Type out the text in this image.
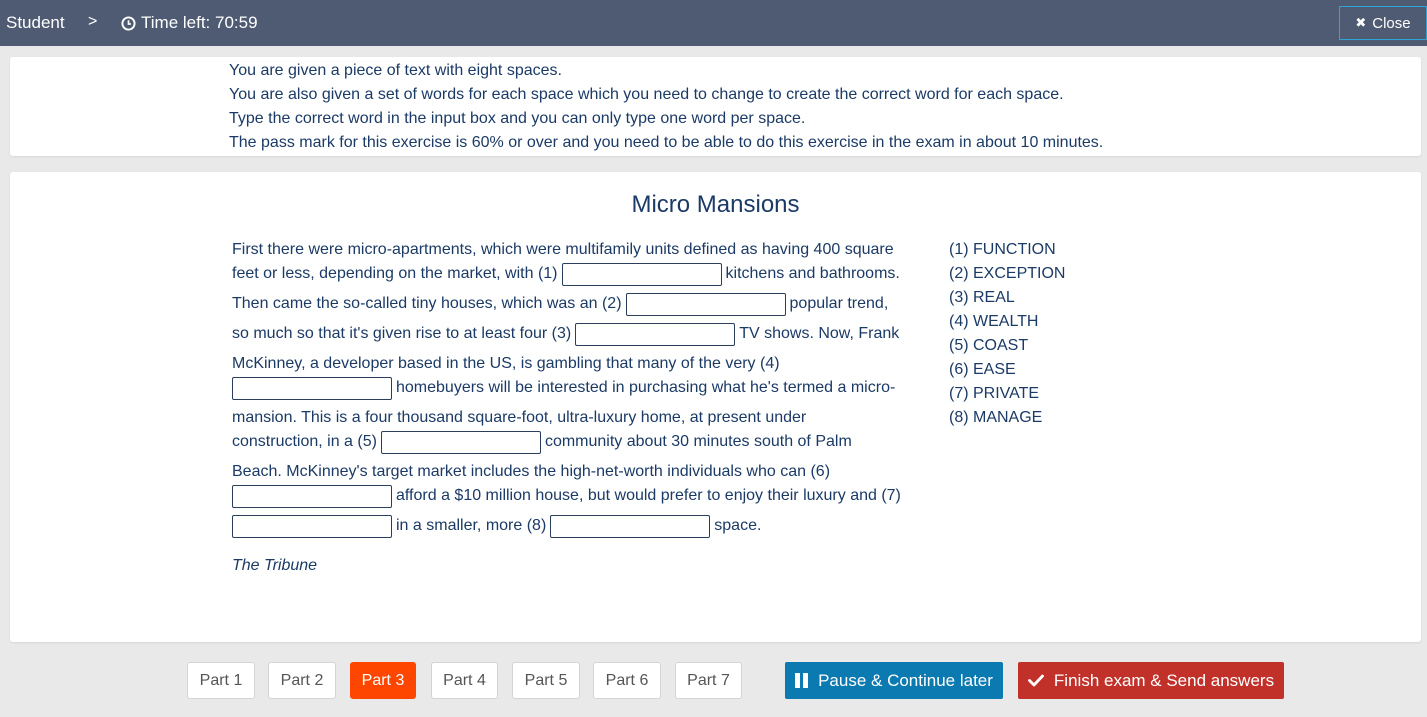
Student >	Time left: 70:59	✖ Close

You are given a piece of text with eight spaces.

You are also given a set of words for each space which you need to change to create the correct word for each space.

Type the correct word in the input box and you can only type one word per space.

The pass mark for this exercise is 60% or over and you need to be able to do this exercise in the exam in about 10 minutes.

Micro Mansions
First there were micro-apartments, which were multifamily units defined as having 400 square
feet or less, depending on the market, with (1)	kitchens and bathrooms.
Then came the so-called tiny houses, which was an (2)	popular trend,
so much so that it's given rise to at least four (3)	TV shows. Now, Frank
McKinney, a developer based in the US, is gambling that many of the very (4)
homebuyers will be interested in purchasing what he's termed a micro-
mansion. This is a four thousand square-foot, ultra-luxury home, at present under
construction, in a (5)	community about 30 minutes south of Palm
Beach. McKinney's target market includes the high-net-worth individuals who can (6)
afford a $10 million house, but would prefer to enjoy their luxury and (7)
in a smaller, more (8)	space.
The Tribune
(1) FUNCTION
(2) EXCEPTION
(3) REAL
(4) WEALTH
(5) COAST
(6) EASE
(7) PRIVATE
(8) MANAGE
Part 1	Part 2	Part 3	Part 4	Part 5	Part 6	Part 7	Pause & Continue later	Finish exam & Send answers
